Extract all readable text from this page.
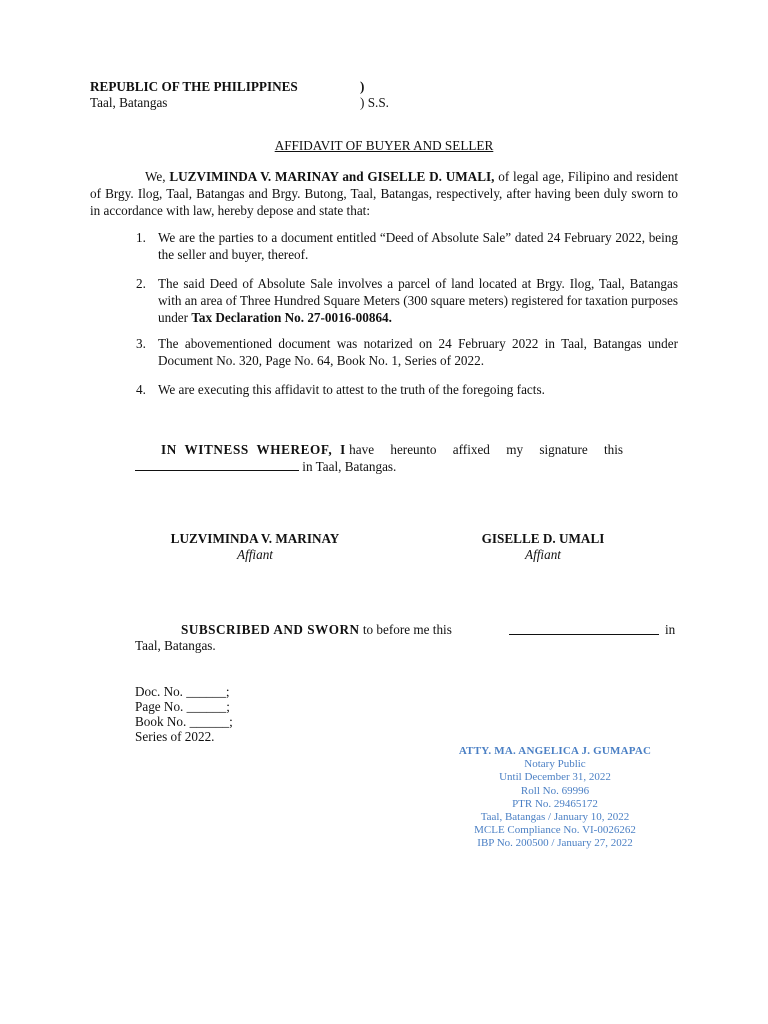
REPUBLIC OF THE PHILIPPINES	)
Taal, Batangas	) S.S.
AFFIDAVIT OF BUYER AND SELLER
We, LUZVIMINDA V. MARINAY and GISELLE D. UMALI, of legal age, Filipino and resident of Brgy. Ilog, Taal, Batangas and Brgy. Butong, Taal, Batangas, respectively, after having been duly sworn to in accordance with law, hereby depose and state that:
1. We are the parties to a document entitled “Deed of Absolute Sale” dated 24 February 2022, being the seller and buyer, thereof.
2. The said Deed of Absolute Sale involves a parcel of land located at Brgy. Ilog, Taal, Batangas with an area of Three Hundred Square Meters (300 square meters) registered for taxation purposes under Tax Declaration No. 27-0016-00864.
3. The abovementioned document was notarized on 24 February 2022 in Taal, Batangas under Document No. 320, Page No. 64, Book No. 1, Series of 2022.
4. We are executing this affidavit to attest to the truth of the foregoing facts.
IN WITNESS WHEREOF, I have hereunto affixed my signature this
in Taal, Batangas.
LUZVIMINDA V. MARINAY
Affiant
GISELLE D. UMALI
Affiant
SUBSCRIBED AND SWORN to before me this	in
Taal, Batangas.
Doc. No. ______;
Page No. ______;
Book No. ______;
Series of 2022.
ATTY. MA. ANGELICA J. GUMAPAC
Notary Public
Until December 31, 2022
Roll No. 69996
PTR No. 29465172
Taal, Batangas / January 10, 2022
MCLE Compliance No. VI-0026262
IBP No. 200500 / January 27, 2022
